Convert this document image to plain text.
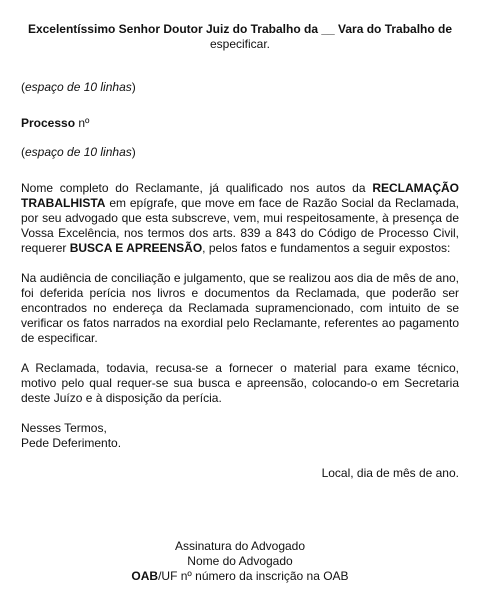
Excelentíssimo Senhor Doutor Juiz do Trabalho da __ Vara do Trabalho de
especificar.

(espaço de 10 linhas)

Processo nº

(espaço de 10 linhas)

Nome completo do Reclamante, já qualificado nos autos da RECLAMAÇÃO TRABALHISTA em epígrafe, que move em face de Razão Social da Reclamada, por seu advogado que esta subscreve, vem, mui respeitosamente, à presença de Vossa Excelência, nos termos dos arts. 839 a 843 do Código de Processo Civil, requerer BUSCA E APREENSÃO, pelos fatos e fundamentos a seguir expostos:

Na audiência de conciliação e julgamento, que se realizou aos dia de mês de ano, foi deferida perícia nos livros e documentos da Reclamada, que poderão ser encontrados no endereça da Reclamada supramencionado, com intuito de se verificar os fatos narrados na exordial pelo Reclamante, referentes ao pagamento de especificar.

A Reclamada, todavia, recusa-se a fornecer o material para exame técnico, motivo pelo qual requer-se sua busca e apreensão, colocando-o em Secretaria deste Juízo e à disposição da perícia.

Nesses Termos,

Pede Deferimento.

Local, dia de mês de ano.

Assinatura do Advogado

Nome do Advogado

OAB/UF nº número da inscrição na OAB
